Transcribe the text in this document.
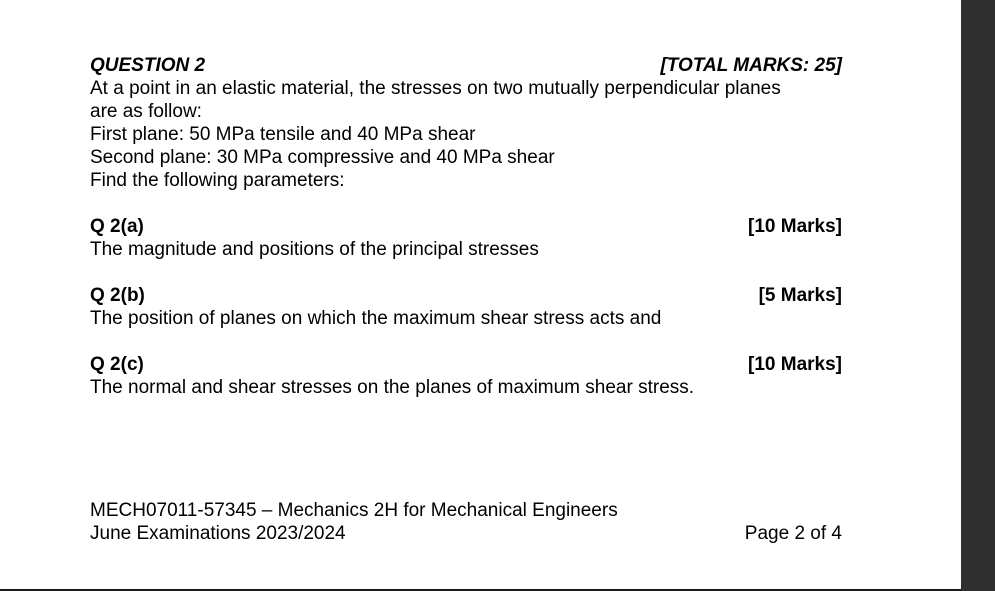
QUESTION 2	[TOTAL MARKS: 25]
At a point in an elastic material, the stresses on two mutually perpendicular planes
are as follow:
First plane: 50 MPa tensile and 40 MPa shear
Second plane: 30 MPa compressive and 40 MPa shear
Find the following parameters:
Q 2(a)	[10 Marks]
The magnitude and positions of the principal stresses
Q 2(b)	[5 Marks]
The position of planes on which the maximum shear stress acts and
Q 2(c)	[10 Marks]
The normal and shear stresses on the planes of maximum shear stress.
MECH07011-57345 – Mechanics 2H for Mechanical Engineers
June Examinations 2023/2024	Page 2 of 4
